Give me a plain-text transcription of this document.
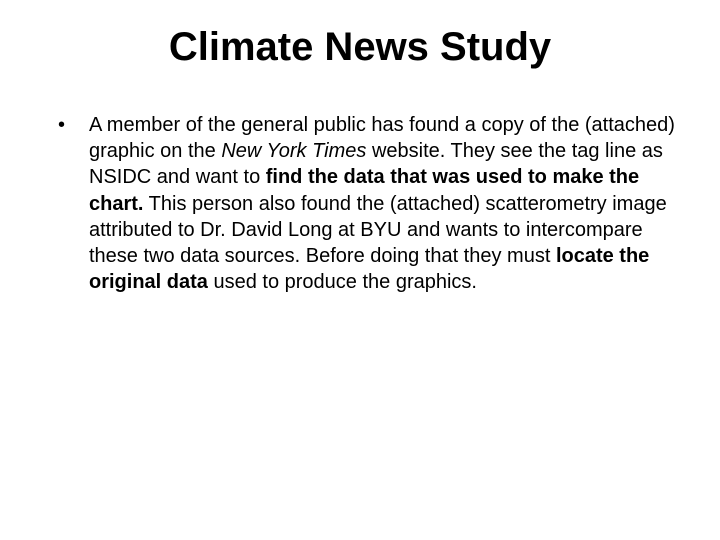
Climate News Study
• A member of the general public has found a copy of the (attached) graphic on the New York Times website. They see the tag line as NSIDC and want to find the data that was used to make the chart. This person also found the (attached) scatterometry image attributed to Dr. David Long at BYU and wants to intercompare these two data sources. Before doing that they must locate the original data used to produce the graphics.
